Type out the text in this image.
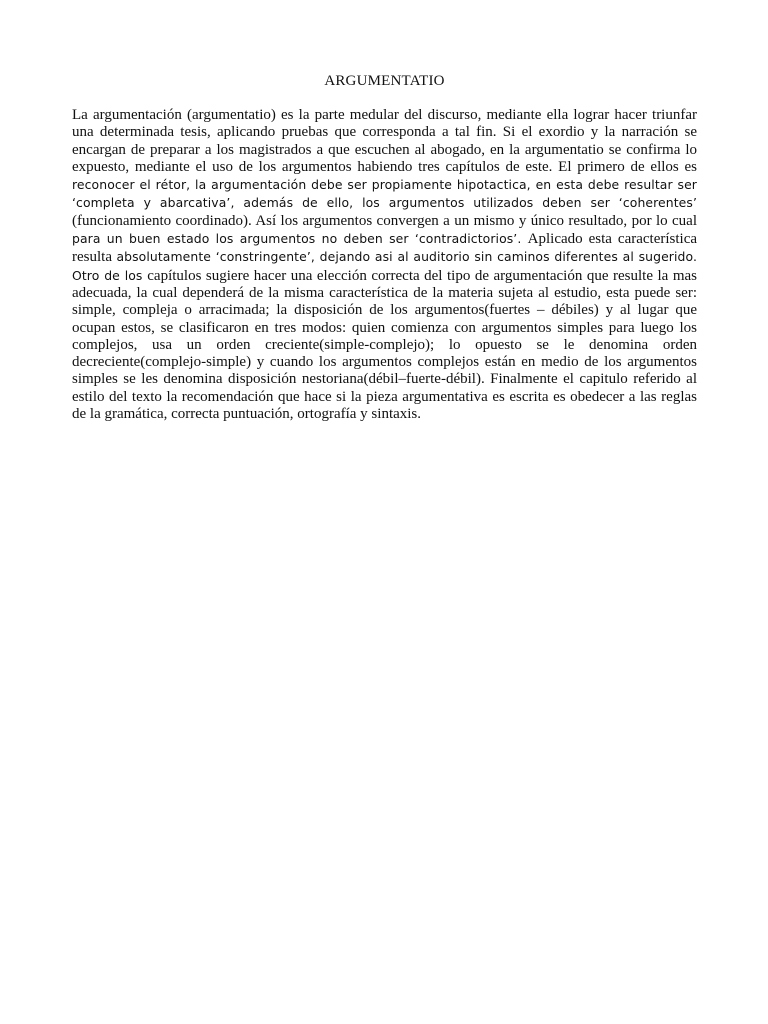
ARGUMENTATIO

La argumentación (argumentatio) es la parte medular del discurso, mediante ella lograr hacer triunfar una determinada tesis, aplicando pruebas que corresponda a tal fin. Si el exordio y la narración se encargan de preparar a los magistrados a que escuchen al abogado, en la argumentatio se confirma lo expuesto, mediante el uso de los argumentos habiendo tres capítulos de este. El primero de ellos es reconocer el rétor, la argumentación debe ser propiamente hipotactica, en esta debe resultar ser ‘completa y abarcativa’, además de ello, los argumentos utilizados deben ser ‘coherentes’ (funcionamiento coordinado). Así los argumentos convergen a un mismo y único resultado, por lo cual para un buen estado los argumentos no deben ser ‘contradictorios’. Aplicado esta característica resulta absolutamente ‘constringente’, dejando asi al auditorio sin caminos diferentes al sugerido. Otro de los capítulos sugiere hacer una elección correcta del tipo de argumentación que resulte la mas adecuada, la cual dependerá de la misma característica de la materia sujeta al estudio, esta puede ser: simple, compleja o arracimada; la disposición de los argumentos(fuertes – débiles) y al lugar que ocupan estos, se clasificaron en tres modos: quien comienza con argumentos simples para luego los complejos, usa un orden creciente(simple-complejo); lo opuesto se le denomina orden decreciente(complejo-simple) y cuando los argumentos complejos están en medio de los argumentos simples se les denomina disposición nestoriana(débil–fuerte-débil). Finalmente el capitulo referido al estilo del texto la recomendación que hace si la pieza argumentativa es escrita es obedecer a las reglas de la gramática, correcta puntuación, ortografía y sintaxis.
